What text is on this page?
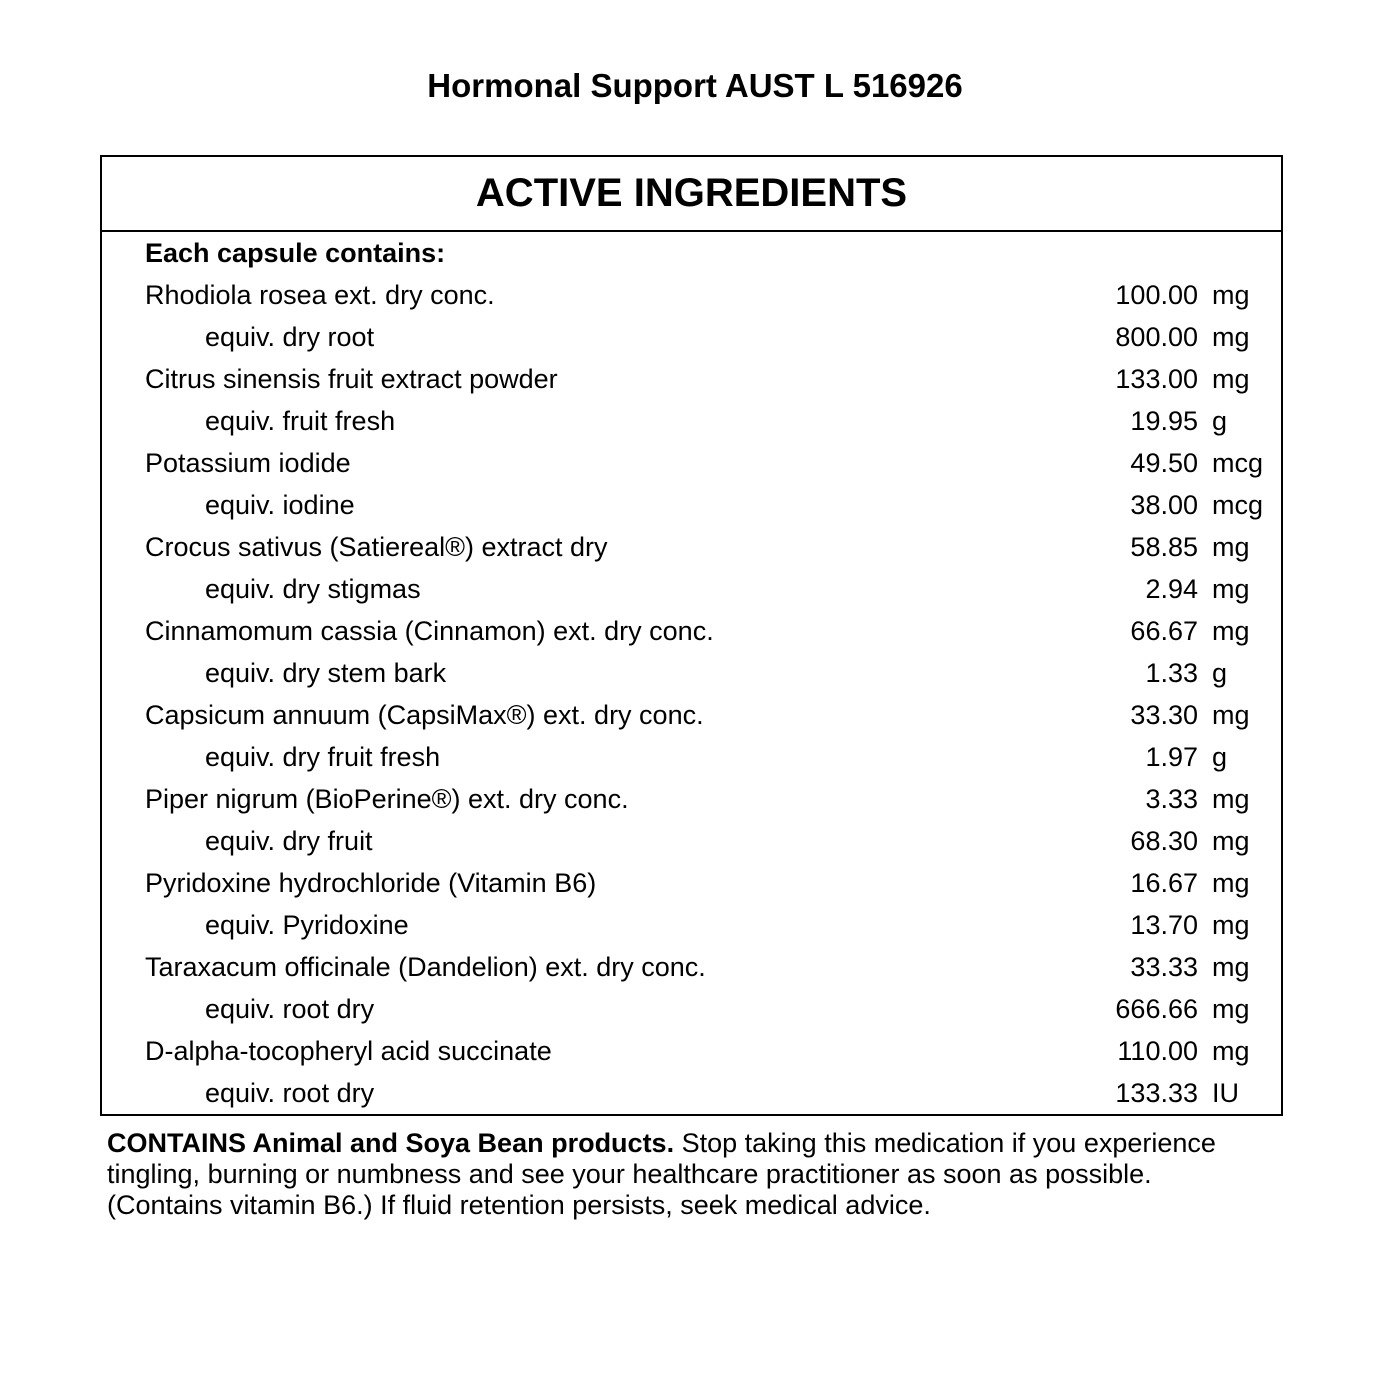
Hormonal Support AUST L 516926
ACTIVE INGREDIENTS
Each capsule contains:
Rhodiola rosea ext. dry conc.	100.00 mg
equiv. dry root	800.00 mg
Citrus sinensis fruit extract powder	133.00 mg
equiv. fruit fresh	19.95 g
Potassium iodide	49.50 mcg
equiv. iodine	38.00 mcg
Crocus sativus (Satiereal®) extract dry	58.85 mg
equiv. dry stigmas	2.94 mg
Cinnamomum cassia (Cinnamon) ext. dry conc.	66.67 mg
equiv. dry stem bark	1.33 g
Capsicum annuum (CapsiMax®) ext. dry conc.	33.30 mg
equiv. dry fruit fresh	1.97 g
Piper nigrum (BioPerine®) ext. dry conc.	3.33 mg
equiv. dry fruit	68.30 mg
Pyridoxine hydrochloride (Vitamin B6)	16.67 mg
equiv. Pyridoxine	13.70 mg
Taraxacum officinale (Dandelion) ext. dry conc.	33.33 mg
equiv. root dry	666.66 mg
D-alpha-tocopheryl acid succinate	110.00 mg
equiv. root dry	133.33 IU

CONTAINS Animal and Soya Bean products. Stop taking this medication if you experience tingling, burning or numbness and see your healthcare practitioner as soon as possible. (Contains vitamin B6.) If fluid retention persists, seek medical advice.
